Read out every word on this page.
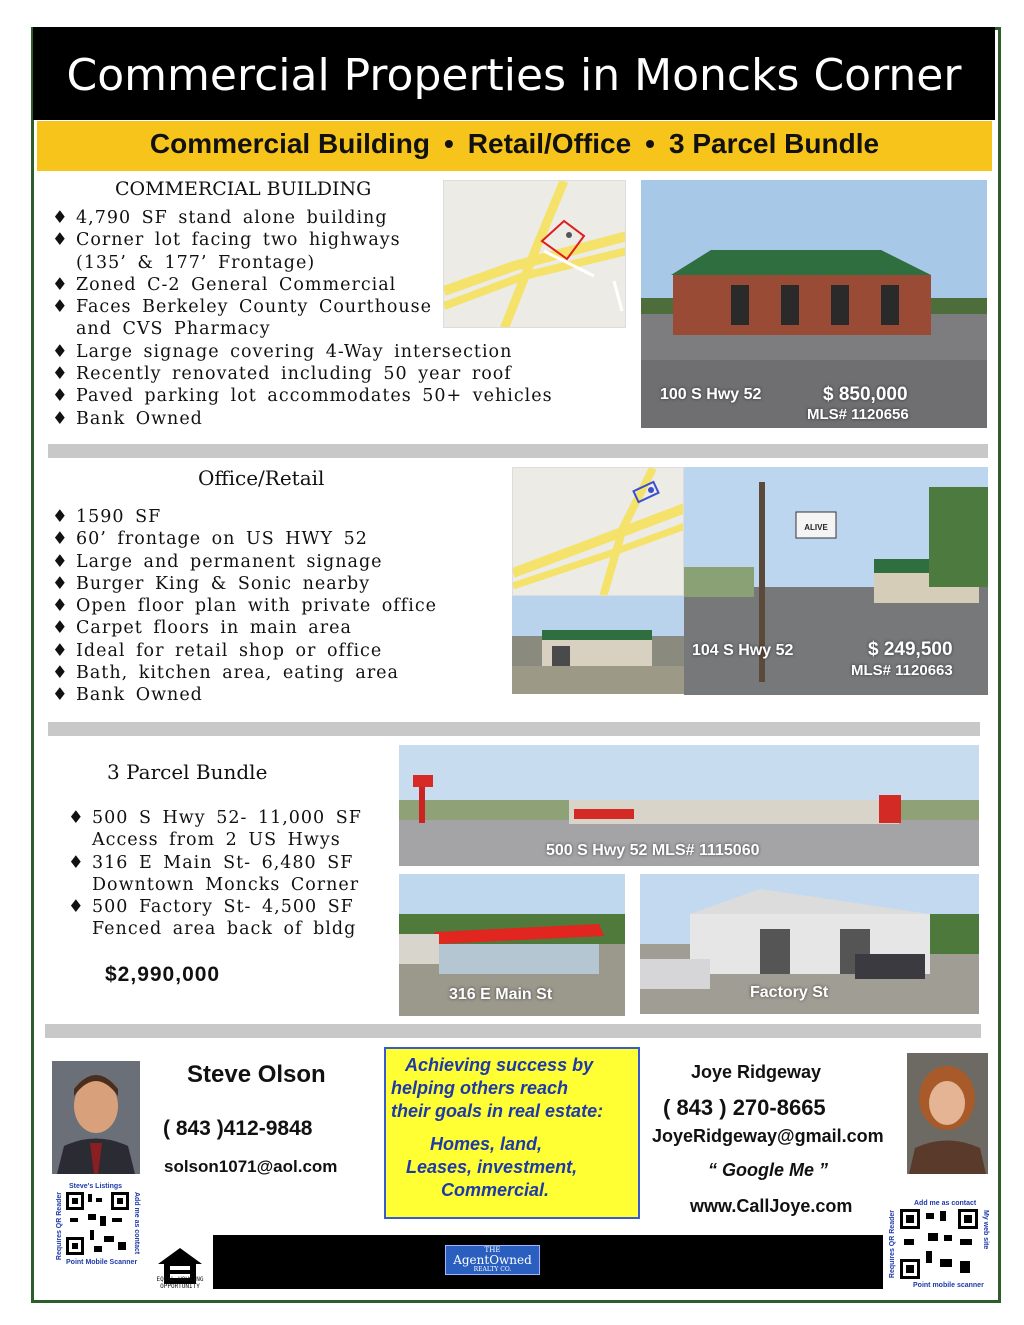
Commercial Properties in Moncks Corner
Commercial Building • Retail/Office • 3 Parcel Bundle
COMMERCIAL BUILDING
♦ 4,790 SF stand alone building
♦ Corner lot facing two highways
(135’ & 177’ Frontage)
♦ Zoned C-2 General Commercial
♦ Faces Berkeley County Courthouse
and CVS Pharmacy
♦ Large signage covering 4-Way intersection
♦ Recently renovated including 50 year roof
♦ Paved parking lot accommodates 50+ vehicles
♦ Bank Owned
100 S Hwy 52	$ 850,000
MLS# 1120656
Office/Retail
♦ 1590 SF
♦ 60’ frontage on US HWY 52
♦ Large and permanent signage
♦ Burger King & Sonic nearby
♦ Open floor plan with private office
♦ Carpet floors in main area
♦ Ideal for retail shop or office
♦ Bath, kitchen area, eating area
♦ Bank Owned
ALIVE
104 S Hwy 52	$ 249,500
MLS# 1120663
3 Parcel Bundle
♦ 500 S Hwy 52- 11,000 SF
Access from 2 US Hwys
♦ 316 E Main St- 6,480 SF
Downtown Moncks Corner
♦ 500 Factory St- 4,500 SF
Fenced area back of bldg
$2,990,000
500 S Hwy 52 MLS# 1115060
316 E Main St	Factory St
Steve Olson
( 843 )412-9848
solson1071@aol.com
Steve's Listings
Requires QR Reader	Add me as contact
Point Mobile Scanner
Achieving success by
helping others reach
their goals in real estate:
Homes, land,
Leases, investment,
Commercial.
Joye Ridgeway
( 843 ) 270-8665
JoyeRidgeway@gmail.com
“ Google Me ”
www.CallJoye.com	Add me as contact
Requires QR Reader	My web site
Point mobile scanner
EQUAL HOUSING OPPORTUNITY
THE
AgentOwned
REALTY CO.
